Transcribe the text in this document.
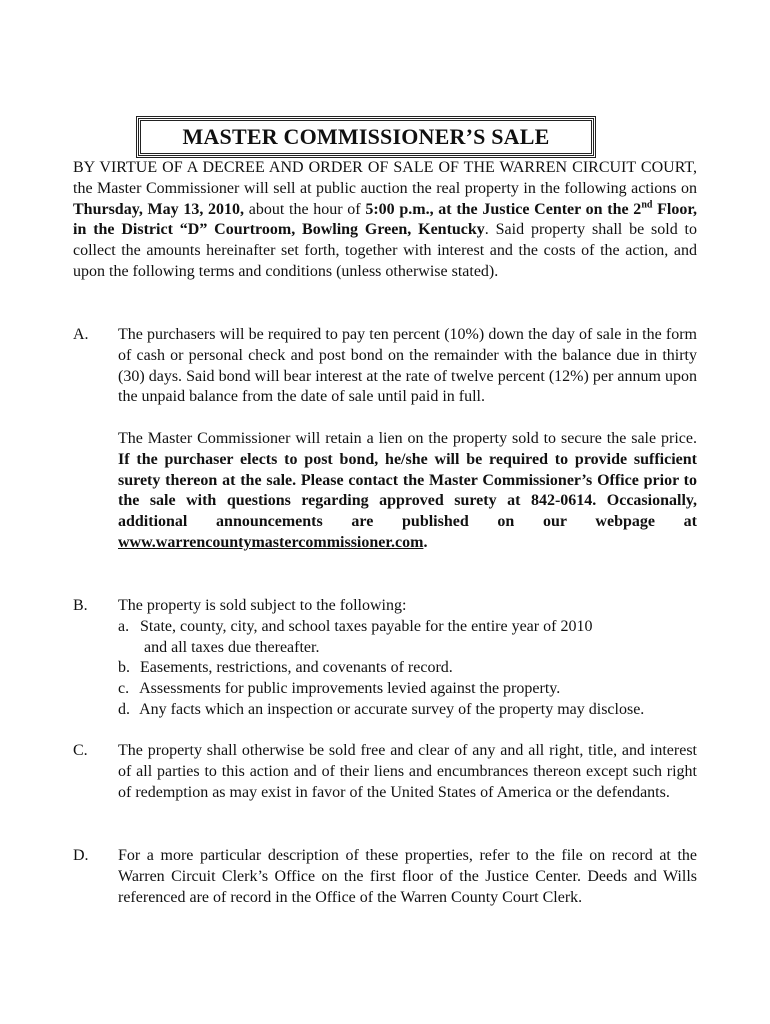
MASTER COMMISSIONER’S SALE
BY VIRTUE OF A DECREE AND ORDER OF SALE OF THE WARREN CIRCUIT COURT, the Master Commissioner will sell at public auction the real property in the following actions on Thursday, May 13, 2010, about the hour of 5:00 p.m., at the Justice Center on the 2nd Floor, in the District “D” Courtroom, Bowling Green, Kentucky. Said property shall be sold to collect the amounts hereinafter set forth, together with interest and the costs of the action, and upon the following terms and conditions (unless otherwise stated).
A. The purchasers will be required to pay ten percent (10%) down the day of sale in the form of cash or personal check and post bond on the remainder with the balance due in thirty (30) days. Said bond will bear interest at the rate of twelve percent (12%) per annum upon the unpaid balance from the date of sale until paid in full.

The Master Commissioner will retain a lien on the property sold to secure the sale price. If the purchaser elects to post bond, he/she will be required to provide sufficient surety thereon at the sale. Please contact the Master Commissioner’s Office prior to the sale with questions regarding approved surety at 842-0614. Occasionally, additional announcements are published on our webpage at www.warrencountymastercommissioner.com.

B. The property is sold subject to the following:

a. State, county, city, and school taxes payable for the entire year of 2010
and all taxes due thereafter.
b. Easements, restrictions, and covenants of record.
c. Assessments for public improvements levied against the property.
d. Any facts which an inspection or accurate survey of the property may disclose.
C. The property shall otherwise be sold free and clear of any and all right, title, and interest of all parties to this action and of their liens and encumbrances thereon except such right of redemption as may exist in favor of the United States of America or the defendants.

D. For a more particular description of these properties, refer to the file on record at the Warren Circuit Clerk’s Office on the first floor of the Justice Center. Deeds and Wills referenced are of record in the Office of the Warren County Court Clerk.
